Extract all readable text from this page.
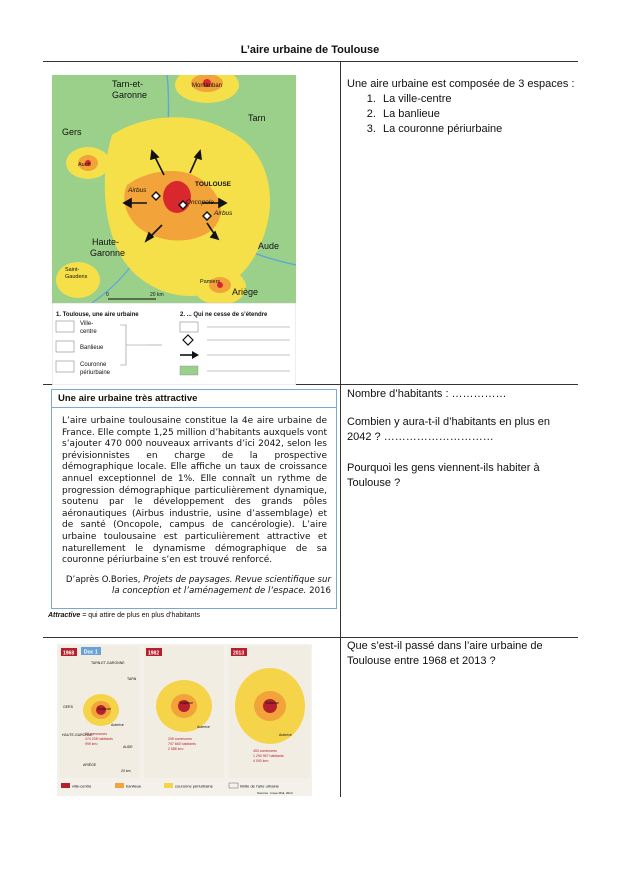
L’aire urbaine de Toulouse
Tarn-et-
Garonne
Montauban
Tarn
Gers
Auch
Airbus
TOULOUSE
Oncopole
Airbus
Haute-
Garonne
Aude
Saint-
Gaudens
Pamiers
Ariège
0	20 km
1. Toulouse, une aire urbaine	2. ... Qui ne cesse de s’étendre
Ville-
centre
Banlieue
Couronne
périurbaine

Une aire urbaine est composée de 3 espaces :

1. La ville-centre
2. La banlieue
3. La couronne périurbaine
Une aire urbaine très attractive
L’aire urbaine toulousaine constitue la 4e aire urbaine de France. Elle compte 1,25 million d’habitants auxquels vont s’ajouter 470 000 nouveaux arrivants d’ici 2042, selon les prévisionnistes en charge de la prospective démographique locale. Elle affiche un taux de croissance annuel exceptionnel de 1%. Elle connaît un rythme de progression démographique particulièrement dynamique, soutenu par le développement des grands pôles aéronautiques (Airbus industrie, usine d’assemblage) et de santé (Oncopole, campus de cancérologie). L’aire urbaine toulousaine est particulièrement attractive et naturellement le dynamisme démographique de sa couronne périurbaine s’en est trouvé renforcé.
D’après O.Bories, Projets de paysages. Revue scientifique sur la conception et l’aménagement de l’espace. 2016
Attractive = qui attire de plus en plus d’habitants
Nombre d’habitants : ……………
Combien y aura-t-il d’habitants en plus en 2042 ? …………………………
Pourquoi les gens viennent-ils habiter à Toulouse ?
Que s’est-il passé dans l’aire urbaine de Toulouse entre 1968 et 2013 ?
1968 Doc 1	1982	2013
TARN-ET-GARONNE
TARN
GERS
HAUTE-GARONNE
AUDE
ARIÈGE
Toulouse
Auterive
86 communes
474 208 habitants
999 km²
Toulouse
Auterive
205 communes
707 660 habitants
2 588 km²
Toulouse
Auterive
453 communes
1 290 957 habitants
4 000 km²
20 km
ville-centre	banlieue	couronne périurbaine	limite de l’aire urbaine
Sources : Insee Midi, 2013
